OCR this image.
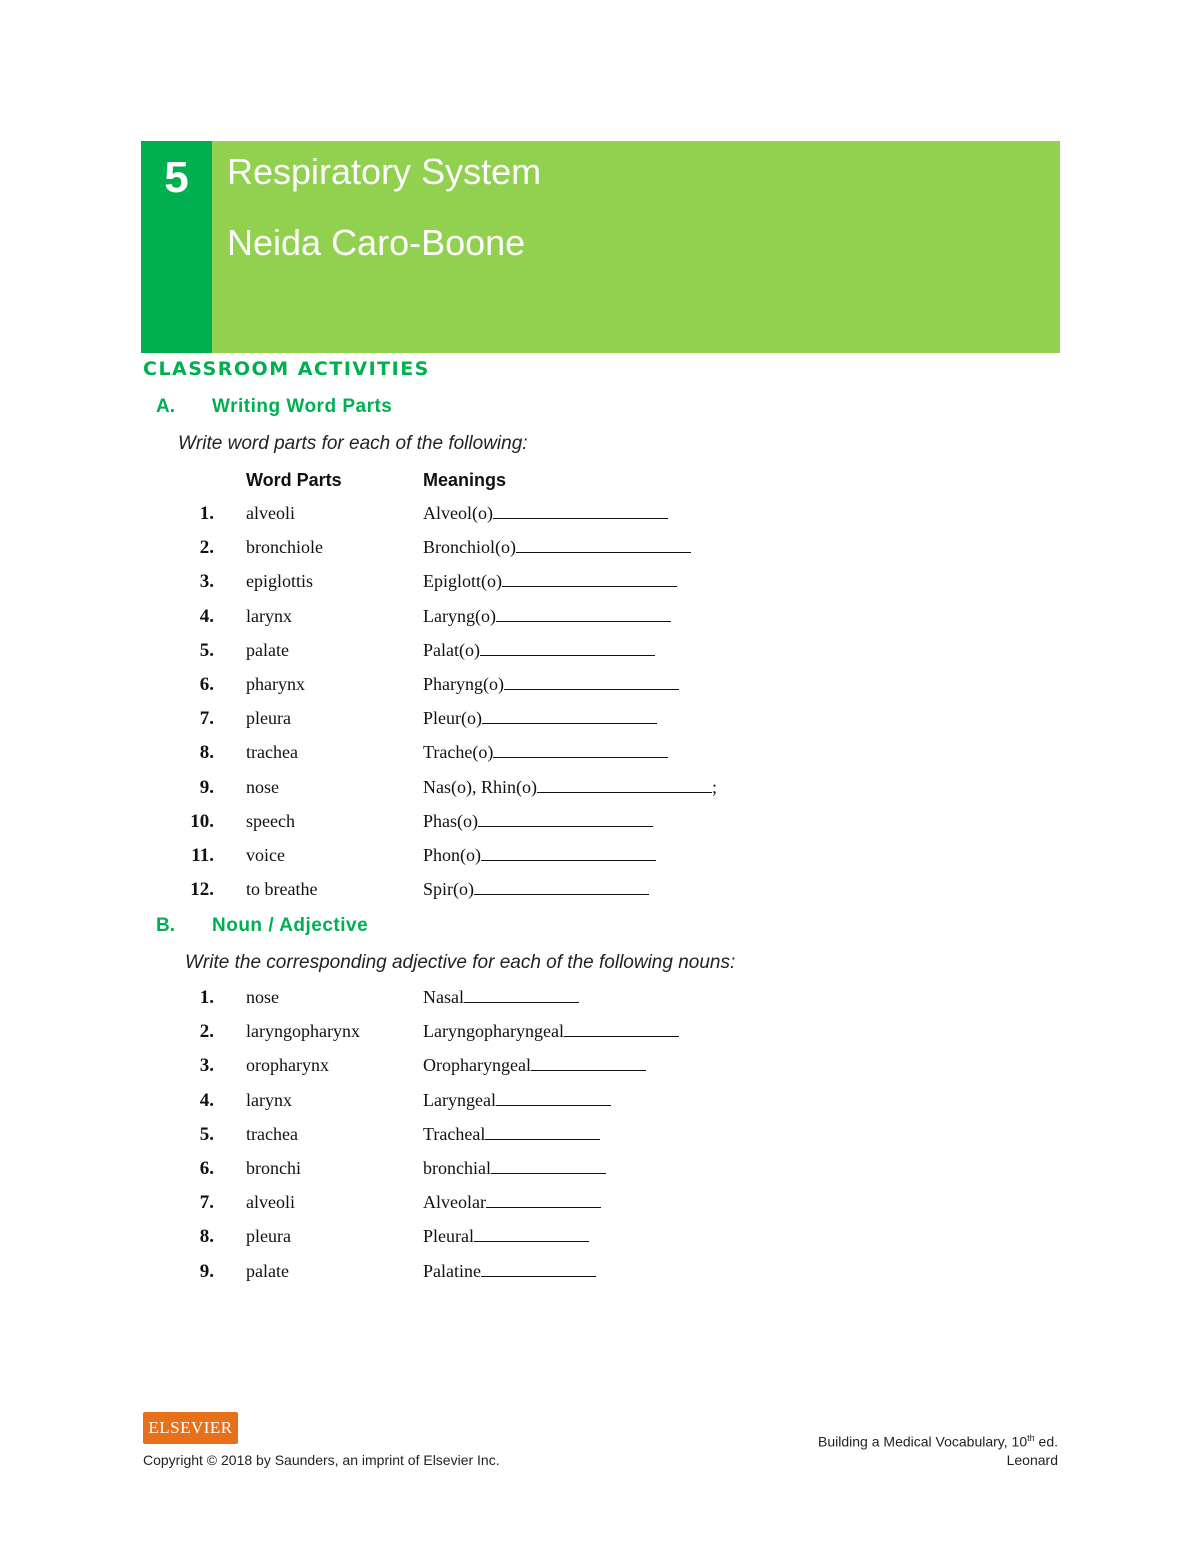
5	Respiratory System
Neida Caro-Boone
CLASSROOM ACTIVITIES
A. Writing Word Parts
Write word parts for each of the following:
Word Parts	Meanings
1. alveoli	Alveol(o)
2. bronchiole	Bronchiol(o)
3. epiglottis	Epiglott(o)
4. larynx	Laryng(o)
5. palate	Palat(o)
6. pharynx	Pharyng(o)
7. pleura	Pleur(o)
8. trachea	Trache(o)
9. nose	Nas(o), Rhin(o)	;
10. speech	Phas(o)
11. voice	Phon(o)
12. to breathe	Spir(o)
B. Noun / Adjective
Write the corresponding adjective for each of the following nouns:
1. nose	Nasal
2. laryngopharynx	Laryngopharyngeal
3. oropharynx	Oropharyngeal
4. larynx	Laryngeal
5. trachea	Tracheal
6. bronchi	bronchial
7. alveoli	Alveolar
8. pleura	Pleural
9. palate	Palatine
ELSEVIER
Copyright © 2018 by Saunders, an imprint of Elsevier Inc.
Building a Medical Vocabulary, 10th ed.
Leonard
